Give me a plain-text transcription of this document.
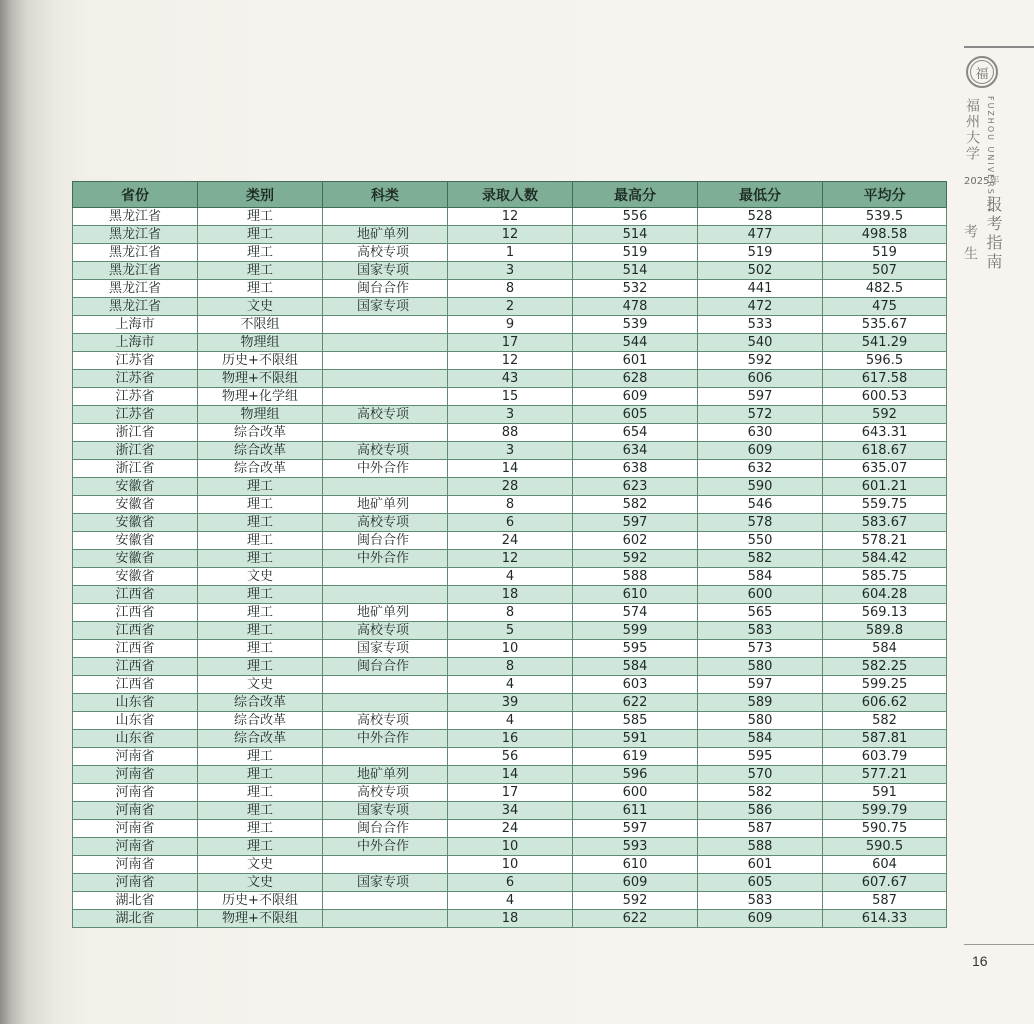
省份	类别	科类	录取人数	最高分	最低分	平均分
黑龙江省	理工		12	556	528	539.5
黑龙江省	理工	地矿单列	12	514	477	498.58
黑龙江省	理工	高校专项	1	519	519	519
黑龙江省	理工	国家专项	3	514	502	507
黑龙江省	理工	闽台合作	8	532	441	482.5
黑龙江省	文史	国家专项	2	478	472	475
上海市	不限组		9	539	533	535.67
上海市	物理组		17	544	540	541.29
江苏省	历史+不限组		12	601	592	596.5
江苏省	物理+不限组		43	628	606	617.58
江苏省	物理+化学组		15	609	597	600.53
江苏省	物理组	高校专项	3	605	572	592
浙江省	综合改革		88	654	630	643.31
浙江省	综合改革	高校专项	3	634	609	618.67
浙江省	综合改革	中外合作	14	638	632	635.07
安徽省	理工		28	623	590	601.21
安徽省	理工	地矿单列	8	582	546	559.75
安徽省	理工	高校专项	6	597	578	583.67
安徽省	理工	闽台合作	24	602	550	578.21
安徽省	理工	中外合作	12	592	582	584.42
安徽省	文史		4	588	584	585.75
江西省	理工		18	610	600	604.28
江西省	理工	地矿单列	8	574	565	569.13
江西省	理工	高校专项	5	599	583	589.8
江西省	理工	国家专项	10	595	573	584
江西省	理工	闽台合作	8	584	580	582.25
江西省	文史		4	603	597	599.25
山东省	综合改革		39	622	589	606.62
山东省	综合改革	高校专项	4	585	580	582
山东省	综合改革	中外合作	16	591	584	587.81
河南省	理工		56	619	595	603.79
河南省	理工	地矿单列	14	596	570	577.21
河南省	理工	高校专项	17	600	582	591
河南省	理工	国家专项	34	611	586	599.79
河南省	理工	闽台合作	24	597	587	590.75
河南省	理工	中外合作	10	593	588	590.5
河南省	文史		10	610	601	604
河南省	文史	国家专项	6	609	605	607.67
湖北省	历史+不限组		4	592	583	587
湖北省	物理+不限组		18	622	609	614.33
福
FUZHOU UNIVERSITY
福州大学
2025年
报考指南
考生
16
